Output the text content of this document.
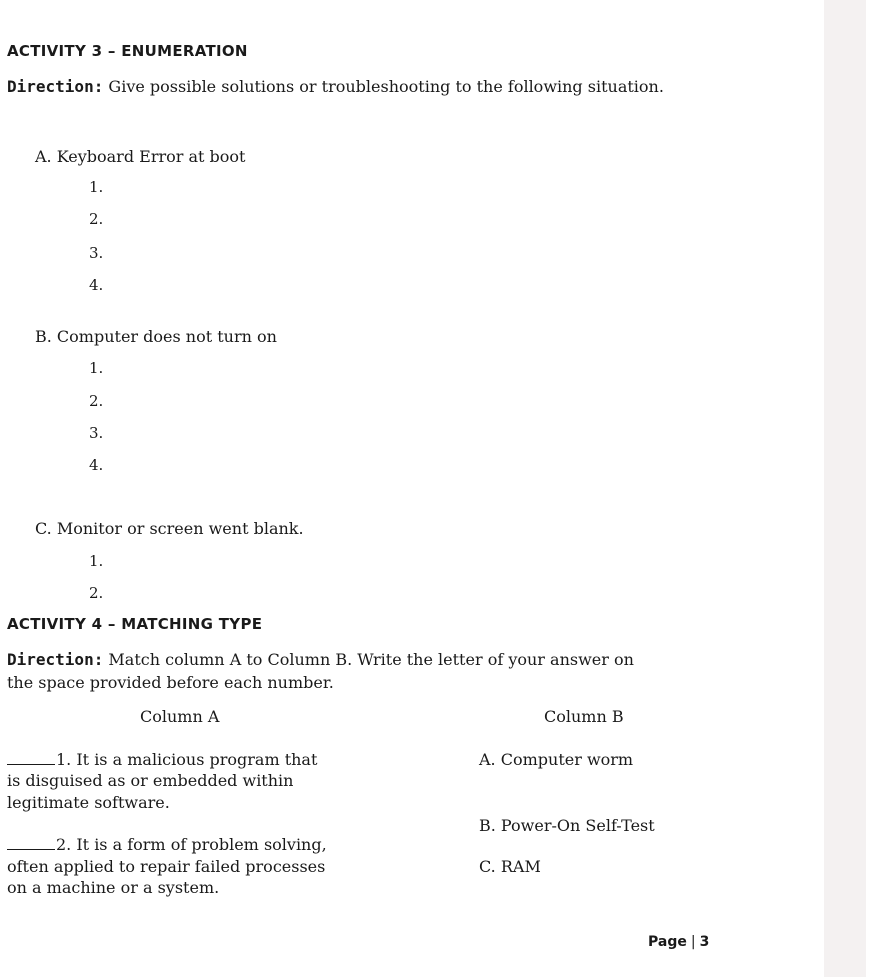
ACTIVITY 3 – ENUMERATION
Direction: Give possible solutions or troubleshooting to the following situation.
A. Keyboard Error at boot
1.
2.
3.
4.
B. Computer does not turn on
1.
2.
3.
4.
C. Monitor or screen went blank.
1.
2.
ACTIVITY 4 – MATCHING TYPE
Direction: Match column A to Column B. Write the letter of your answer on
the space provided before each number.
Column A	Column B
1. It is a malicious program that
is disguised as or embedded within
legitimate software.
A. Computer worm
B. Power-On Self-Test
2. It is a form of problem solving,
often applied to repair failed processes
on a machine or a system.
C. RAM
Page | 3
